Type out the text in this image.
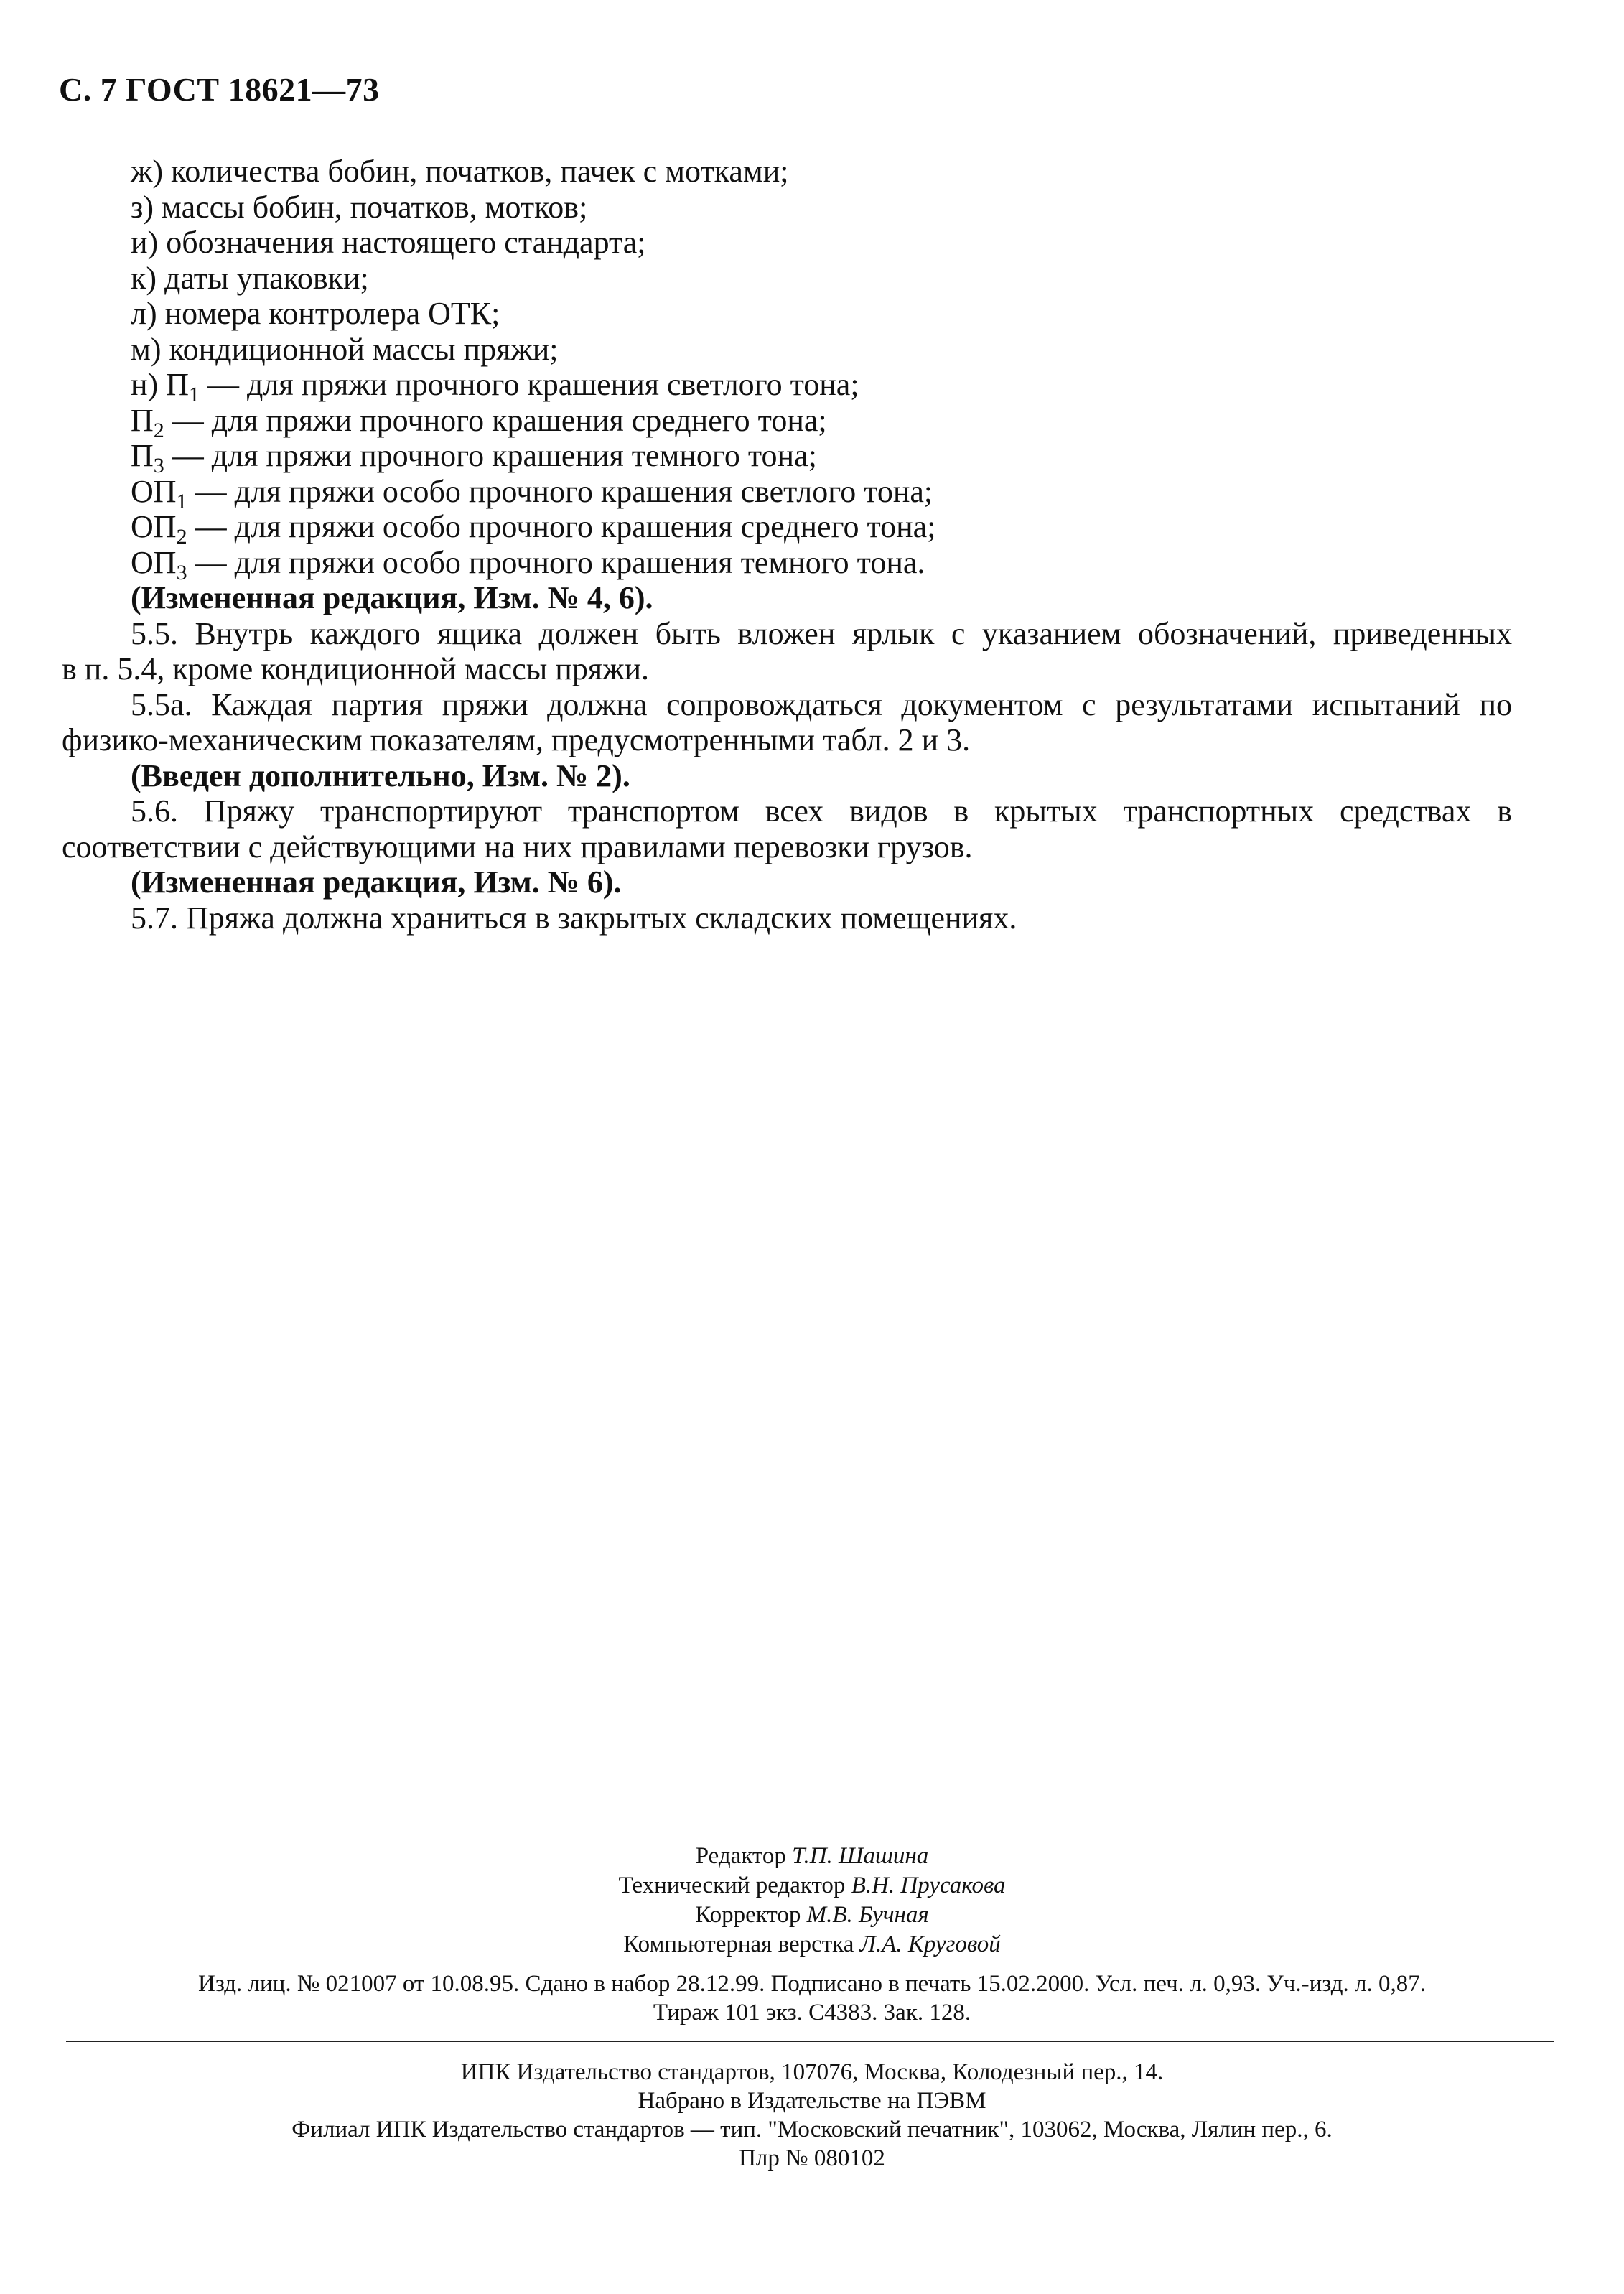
С. 7 ГОСТ 18621—73
ж) количества бобин, початков, пачек с мотками;
з) массы бобин, початков, мотков;
и) обозначения настоящего стандарта;
к) даты упаковки;
л) номера контролера ОТК;
м) кондиционной массы пряжи;
н) $П_1$ — для пряжи прочного крашения светлого тона;
$П_2$ — для пряжи прочного крашения среднего тона;
$П_3$ — для пряжи прочного крашения темного тона;
$ОП_1$ — для пряжи особо прочного крашения светлого тона;
$ОП_2$ — для пряжи особо прочного крашения среднего тона;
$ОП_3$ — для пряжи особо прочного крашения темного тона.
(Измененная редакция, Изм. № 4, 6).
5.5. Внутрь каждого ящика должен быть вложен ярлык с указанием обозначений, приведенных
в п. 5.4, кроме кондиционной массы пряжи.
5.5а. Каждая партия пряжи должна сопровождаться документом с результатами испытаний по
физико-механическим показателям, предусмотренными табл. 2 и 3.
(Введен дополнительно, Изм. № 2).
5.6. Пряжу транспортируют транспортом всех видов в крытых транспортных средствах в
соответствии с действующими на них правилами перевозки грузов.
(Измененная редакция, Изм. № 6).
5.7. Пряжа должна храниться в закрытых складских помещениях.
Редактор Т.П. Шашина
Технический редактор В.Н. Прусакова
Корректор М.В. Бучная
Компьютерная верстка Л.А. Круговой
Изд. лиц. № 021007 от 10.08.95. Сдано в набор 28.12.99. Подписано в печать 15.02.2000. Усл. печ. л. 0,93. Уч.-изд. л. 0,87.
Тираж 101 экз. С4383. Зак. 128.
ИПК Издательство стандартов, 107076, Москва, Колодезный пер., 14.
Набрано в Издательстве на ПЭВМ
Филиал ИПК Издательство стандартов — тип. "Московский печатник", 103062, Москва, Лялин пер., 6.
Плр № 080102
